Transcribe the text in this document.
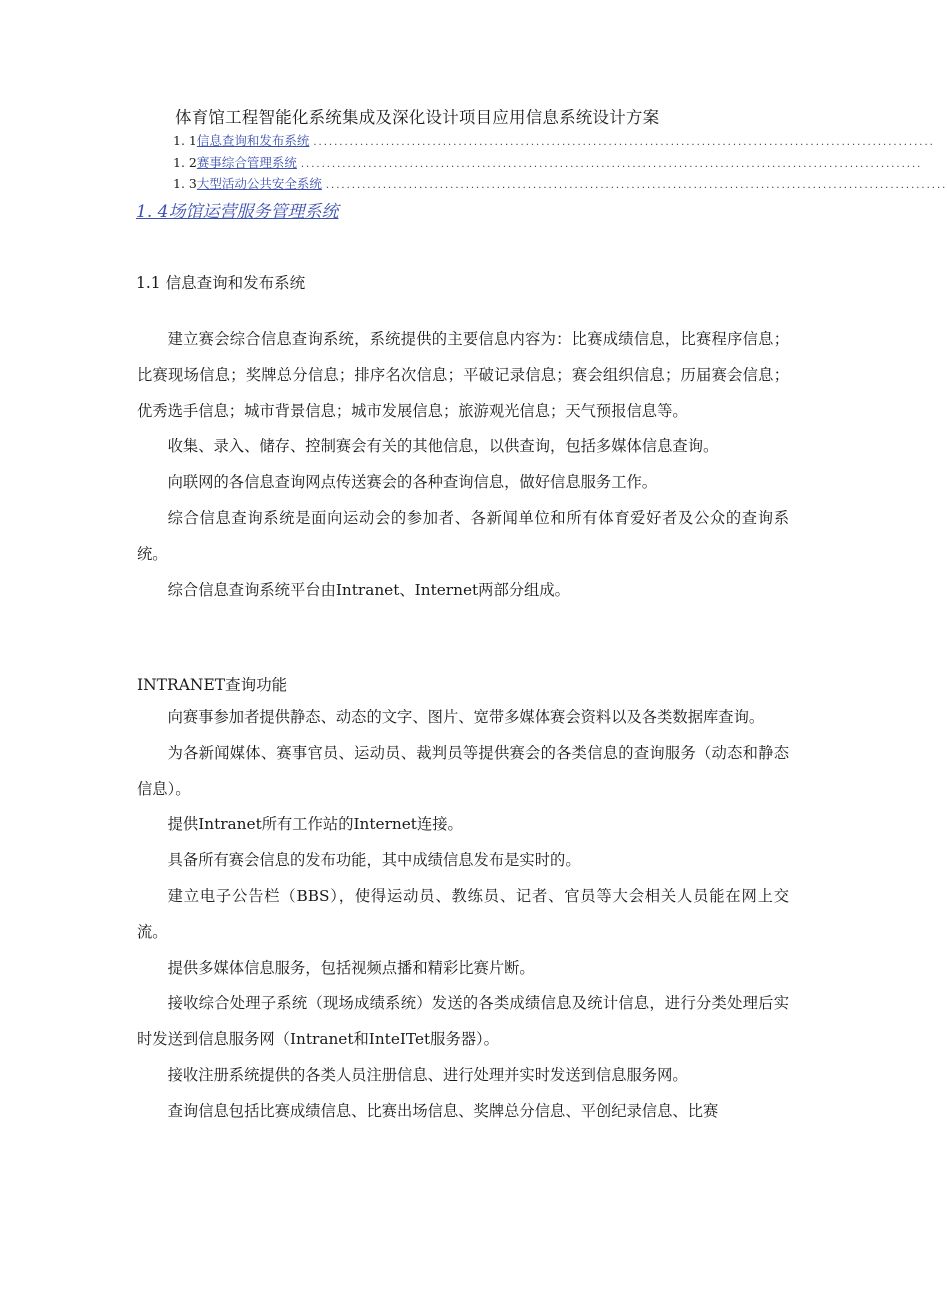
体育馆工程智能化系统集成及深化设计项目应用信息系统设计方案
1. 1 信息查询和发布系统 ........................................................................................................................
1. 2 赛事综合管理系统 ........................................................................................................................
1. 3 大型活动公共安全系统 ........................................................................................................................
1. 4场馆运营服务管理系统
1.1 信息查询和发布系统

建立赛会综合信息查询系统，系统提供的主要信息内容为：比赛成绩信息，比赛程序信息；比赛现场信息；奖牌总分信息；排序名次信息；平破记录信息；赛会组织信息；历届赛会信息；优秀选手信息；城市背景信息；城市发展信息；旅游观光信息；天气预报信息等。

收集、录入、储存、控制赛会有关的其他信息，以供查询，包括多媒体信息查询。

向联网的各信息查询网点传送赛会的各种查询信息，做好信息服务工作。

综合信息查询系统是面向运动会的参加者、各新闻单位和所有体育爱好者及公众的查询系统。

综合信息查询系统平台由Intranet、Internet两部分组成。

INTRANET查询功能

向赛事参加者提供静态、动态的文字、图片、宽带多媒体赛会资料以及各类数据库查询。

为各新闻媒体、赛事官员、运动员、裁判员等提供赛会的各类信息的查询服务（动态和静态信息）。

提供Intranet所有工作站的Internet连接。

具备所有赛会信息的发布功能，其中成绩信息发布是实时的。

建立电子公告栏（BBS），使得运动员、教练员、记者、官员等大会相关人员能在网上交流。

提供多媒体信息服务，包括视频点播和精彩比赛片断。

接收综合处理子系统（现场成绩系统）发送的各类成绩信息及统计信息，进行分类处理后实时发送到信息服务网（Intranet和InteITet服务器）。

接收注册系统提供的各类人员注册信息、进行处理并实时发送到信息服务网。

查询信息包括比赛成绩信息、比赛出场信息、奖牌总分信息、平创纪录信息、比赛
